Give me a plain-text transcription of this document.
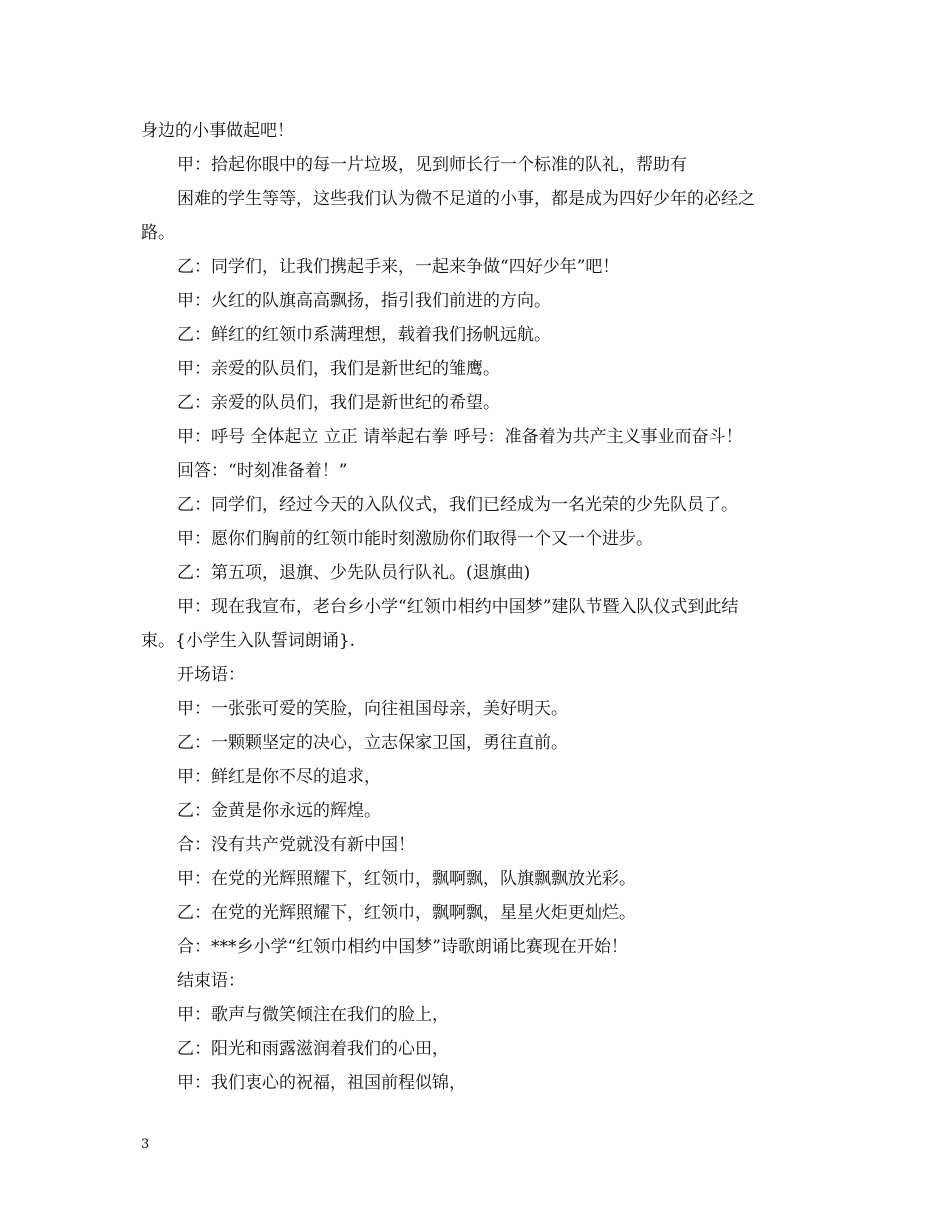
身边的小事做起吧！
甲：拾起你眼中的每一片垃圾，见到师长行一个标准的队礼，帮助有
困难的学生等等，这些我们认为微不足道的小事，都是成为四好少年的必经之
路。
乙：同学们，让我们携起手来，一起来争做“四好少年”吧！
甲：火红的队旗高高飘扬，指引我们前进的方向。
乙：鲜红的红领巾系满理想，载着我们扬帆远航。
甲：亲爱的队员们，我们是新世纪的雏鹰。
乙：亲爱的队员们，我们是新世纪的希望。
甲：呼号 全体起立 立正 请举起右拳 呼号：准备着为共产主义事业而奋斗！
回答：“时刻准备着！”
乙：同学们，经过今天的入队仪式，我们已经成为一名光荣的少先队员了。
甲：愿你们胸前的红领巾能时刻激励你们取得一个又一个进步。
乙：第五项，退旗、少先队员行队礼。(退旗曲)
甲：现在我宣布，老台乡小学“红领巾相约中国梦”建队节暨入队仪式到此结
束。{小学生入队誓词朗诵}.
开场语：
甲：一张张可爱的笑脸，向往祖国母亲，美好明天。
乙：一颗颗坚定的决心，立志保家卫国，勇往直前。
甲：鲜红是你不尽的追求，
乙：金黄是你永远的辉煌。
合：没有共产党就没有新中国！
甲：在党的光辉照耀下，红领巾，飘啊飘，队旗飘飘放光彩。
乙：在党的光辉照耀下，红领巾，飘啊飘，星星火炬更灿烂。
合：***乡小学“红领巾相约中国梦”诗歌朗诵比赛现在开始！
结束语：
甲：歌声与微笑倾注在我们的脸上，
乙：阳光和雨露滋润着我们的心田，
甲：我们衷心的祝福，祖国前程似锦，
3
